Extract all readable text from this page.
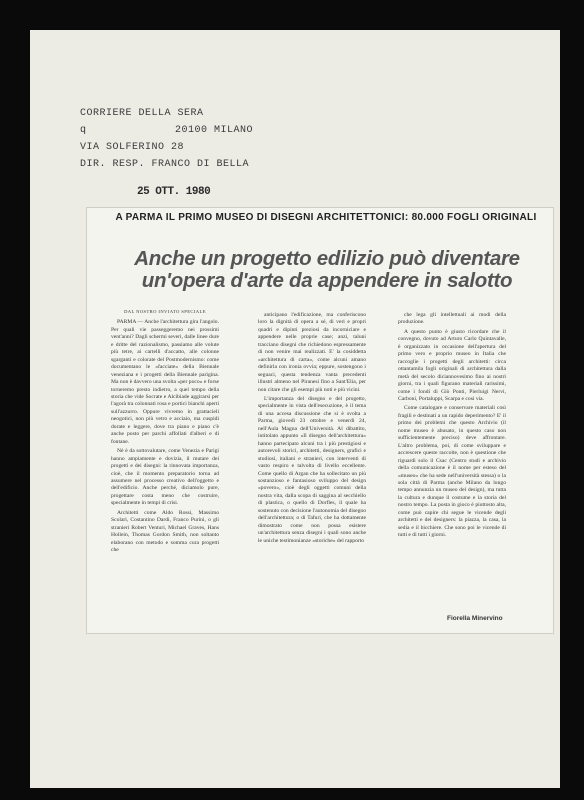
CORRIERE DELLA SERA
q	20100 MILANO
VIA SOLFERINO 28
DIR. RESP. FRANCO DI BELLA
25 OTT. 1980
A PARMA IL PRIMO MUSEO DI DISEGNI ARCHITETTONICI: 80.000 FOGLI ORIGINALI
Anche un progetto edilizio può diventare un'opera d'arte da appendere in salotto

DAL NOSTRO INVIATO SPECIALE

PARMA — Anche l'architettura gira l'angolo. Per quali vie passeggeremo nei prossimi vent'anni? Dagli schermi severi, dalle linee dure e dritte del razionalismo, passiamo alle volute più tetre, ai cartelli d'accatto, alle colonne sgarganti e colorate del Postmodernismo: come documentano le «facciate» della Biennale veneziana e i progetti della Biennale parigina. Ma non è davvero una svolta «per poco» e forse torneremo presto indietro, a quel tempo della storia che vide Socrate e Alcibiade aggirarsi per l'agorà tra colonnati rosa e portici bianchi aperti sull'azzurro. Oppure vivremo in grattacieli neogotici, non più vetro e acciaio, ma cuspidi dorate e leggere, dove tra piano e piano c'è anche posto per parchi affollati d'alberi e di fontane.

Né è da sottovalutare, come Venezia e Parigi hanno ampiamente e dovizia, il mutare dei progetti e dei disegni: la rinnovata importanza, cioè, che il momento preparatorio torna ad assumere nel processo creativo dell'oggetto e dell'edificio. Anche perché, diciamolo pure, progettare costa meno che costruire, specialmente in tempi di crisi.

Architetti come Aldo Rossi, Massimo Scolari, Costantino Dardi, Franco Purini, o gli stranieri Robert Venturi, Michael Graves, Hans Hollein, Thomas Gordon Smith, non soltanto elaborano con metodo e somma cura progetti che

anticipano l'edificazione, ma conferiscono loro la dignità di opera a sé, di veri e propri quadri e dipinti preziosi da incorniciare e appendere nelle proprie case; anzi, taluni tracciano disegni che richiedono espressamente di non venire mai realizzati. E' la cosiddetta «architettura di carta», come alcuni amano definirla con ironia ovvia; eppure, sostengono i seguaci, questa tendenza vanta precedenti illustri almeno nel Piranesi fino a Sant'Elia, per non citare che gli esempi più noti e più vicini.

L'importanza del disegno e del progetto, specialmente in vista dell'esecuzione, è il tema di una accesa discussione che si è svolta a Parma, giovedì 23 ottobre e venerdì 24, nell'Aula Magna dell'Università. Al dibattito, intitolato appunto «Il disegno dell'architettura» hanno partecipato alcuni tra i più prestigiosi e autorevoli storici, architetti, designers, grafici e studiosi, italiani e stranieri, con interventi di vasto respiro e talvolta di livello eccellente. Come quello di Argan che ha sollecitato un più sostanzioso e fantasioso sviluppo del design «povero», cioè degli oggetti comuni della nostra vita, dalla scopa di saggina al secchiello di plastica, o quello di Dorfles, il quale ha sostenuto con decisione l'autonomia del disegno dell'architettura; o di Tafuri, che ha dottamente dimostrato come non possa esistere un'architettura senza disegni i quali sono anche le uniche testimonianze «storiche» del rapporto

che lega gli intellettuali ai modi della produzione.

A questo punto è giusto ricordare che il convegno, dovuto ad Arturo Carlo Quintavalle, è organizzato in occasione dell'apertura del primo vero e proprio museo in Italia che raccoglie i progetti degli architetti: circa ottantamila fogli originali di architettura dalla metà del secolo diciannovesimo fino ai nostri giorni, tra i quali figurano materiali rarissimi, come i fondi di Giò Ponti, Pierluigi Nervi, Carboni, Portaluppi, Scarpa e cosi via.

Come catalogare e conservare materiali così fragili e destinati a un rapido deperimento? E' il primo dei problemi che questo Archivio (il nome museo è abusato, in questo caso non sufficientemente preciso) deve affrontare. L'altro problema, poi, di come sviluppare e accrescere queste raccolte, non è questione che riguardi solo il Csac (Centro studi e archivio della comunicazione è il nome per esteso del «museo» che ha sede nell'università stessa) o la sola città di Parma (anche Milano da lungo tempo annunzia un museo del design), ma tutta la cultura e dunque il costume e la storia del nostro tempo. La posta in gioco è piuttosto alta, come può capire chi segue le vicende degli architetti e dei designers: la piazza, la casa, la sedia e il bicchiere. Che sono poi le vicende di tutti e di tutti i giorni.

Fiorella Minervino
